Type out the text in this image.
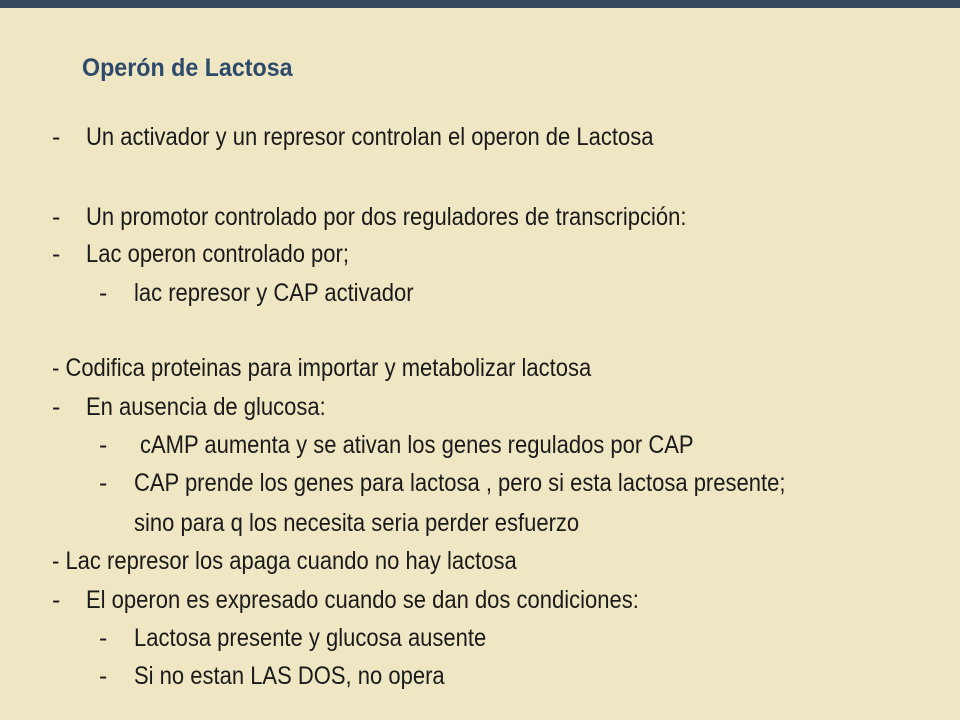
Operón de Lactosa
- Un activador y un represor controlan el operon de Lactosa
- Un promotor controlado por dos reguladores de transcripción:
- Lac operon controlado por;
- lac represor y CAP activador
- Codifica proteinas para importar y metabolizar lactosa
- En ausencia de glucosa:
- cAMP aumenta y se ativan los genes regulados por CAP
- CAP prende los genes para lactosa , pero si esta lactosa presente;
sino para q los necesita seria perder esfuerzo
- Lac represor los apaga cuando no hay lactosa
- El operon es expresado cuando se dan dos condiciones:
- Lactosa presente y glucosa ausente
- Si no estan LAS DOS, no opera
